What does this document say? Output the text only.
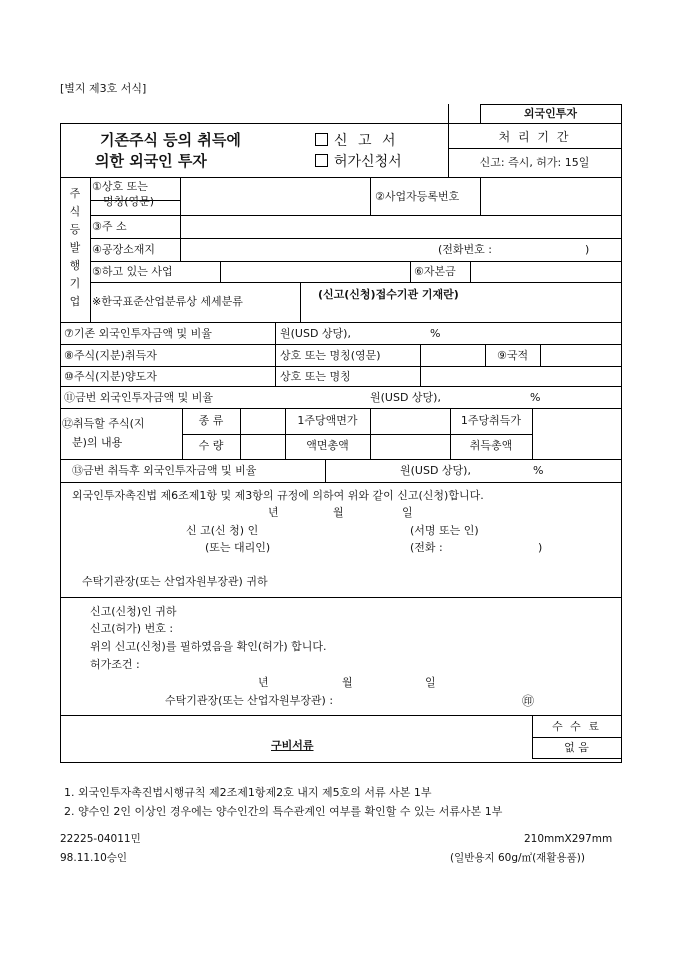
[별지 제3호 서식]
외국인투자
기존주식 등의 취득에
의한 외국인 투자
신 고 서
허가신청서
처 리 기 간
신고: 즉시, 허가: 15일
주
식
등
발
행
기
업
①상호 또는
명칭(영문)	②사업자등록번호
③주 소
④공장소재지	(전화번호 :	)
⑤하고 있는 사업	⑥자본금
※한국표준산업분류상 세세분류
(신고(신청)접수기관 기재란)
⑦기존 외국인투자금액 및 비율	원(USD 상당),	%
⑧주식(지분)취득자	상호 또는 명칭(영문)	⑨국적
⑩주식(지분)양도자	상호 또는 명칭
⑪금번 외국인투자금액 및 비율	원(USD 상당),	%
⑫취득할 주식(지
분)의 내용
종 류	1주당액면가	1주당취득가
수 량	액면총액	취득총액
⑬금번 취득후 외국인투자금액 및 비율	원(USD 상당),	%
외국인투자촉진법 제6조제1항 및 제3항의 규정에 의하여 위와 같이 신고(신청)합니다.
년	월	일
신 고(신 청) 인	(서명 또는 인)
(또는 대리인)	(전화 :	)
수탁기관장(또는 산업자원부장관) 귀하
신고(신청)인 귀하
신고(허가) 번호 :
위의 신고(신청)를 필하였음을 확인(허가) 합니다.
허가조건 :
년	월	일
수탁기관장(또는 산업자원부장관) :	㊞
구비서류
수 수 료
없 음
1. 외국인투자촉진법시행규칙 제2조제1항제2호 내지 제5호의 서류 사본 1부
2. 양수인 2인 이상인 경우에는 양수인간의 특수관계인 여부를 확인할 수 있는 서류사본 1부
22225-04011민
98.11.10승인
210mmX297mm
(일반용지 60g/㎡(재활용품))
